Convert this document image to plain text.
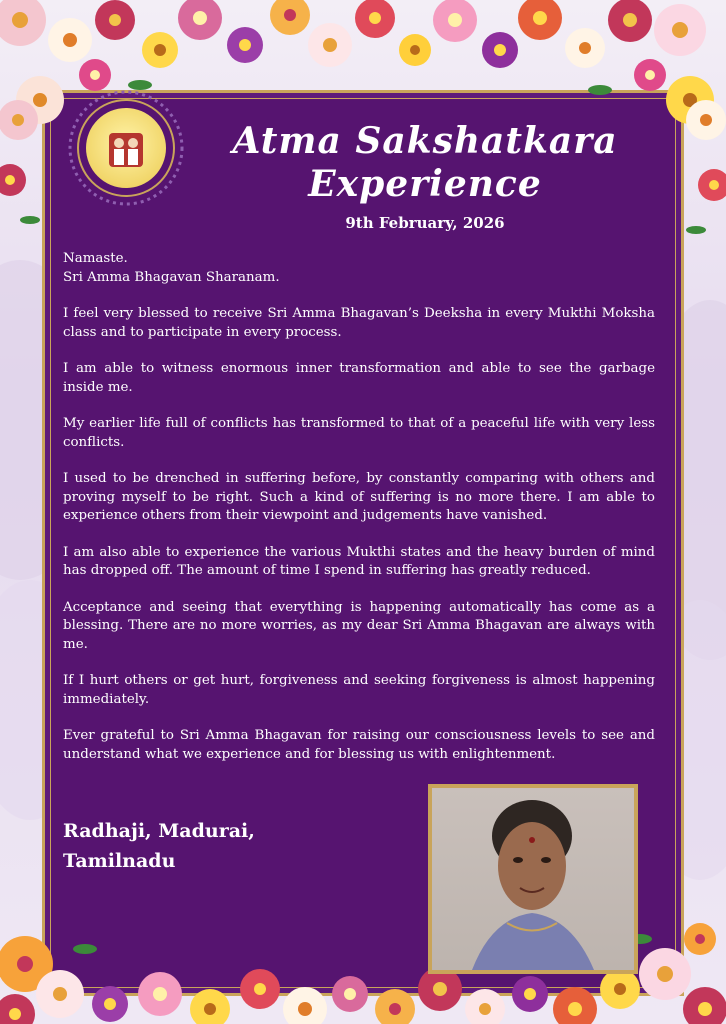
Atma Sakshatkara
Experience
9th February, 2026

Namaste.
Sri Amma Bhagavan Sharanam.

I feel very blessed to receive Sri Amma Bhagavan’s Deeksha in every Mukthi Moksha class and to participate in every process.

I am able to witness enormous inner transformation and able to see the garbage inside me.

My earlier life full of conflicts has transformed to that of a peaceful life with very less conflicts.

I used to be drenched in suffering before, by constantly comparing with others and proving myself to be right. Such a kind of suffering is no more there. I am able to experience others from their viewpoint and judgements have vanished.

I am also able to experience the various Mukthi states and the heavy burden of mind has dropped off. The amount of time I spend in suffering has greatly reduced.

Acceptance and seeing that everything is happening automatically has come as a blessing. There are no more worries, as my dear Sri Amma Bhagavan are always with me.

If I hurt others or get hurt, forgiveness and seeking forgiveness is almost happening immediately.

Ever grateful to Sri Amma Bhagavan for raising our consciousness levels to see and understand what we experience and for blessing us with enlightenment.

Radhaji, Madurai,
Tamilnadu
